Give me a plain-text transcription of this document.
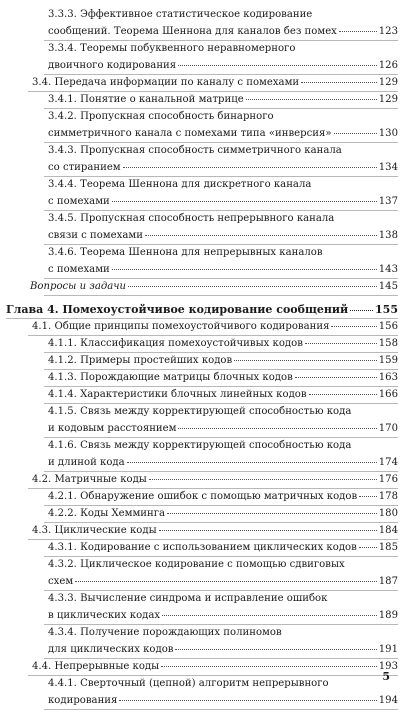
3.3.3. Эффективное статистическое кодирование
сообщений. Теорема Шеннона для каналов без помех	123
3.3.4. Теоремы побуквенного неравномерного
двоичного кодирования	126
3.4. Передача информации по каналу с помехами	129
3.4.1. Понятие о канальной матрице	129
3.4.2. Пропускная способность бинарного
симметричного канала с помехами типа «инверсия»	130
3.4.3. Пропускная способность симметричного канала
со стиранием	134
3.4.4. Теорема Шеннона для дискретного канала
с помехами	137
3.4.5. Пропускная способность непрерывного канала
связи с помехами	138
3.4.6. Теорема Шеннона для непрерывных каналов
с помехами	143
Вопросы и задачи	145
Глава 4. Помехоустойчивое кодирование сообщений 155
4.1. Общие принципы помехоустойчивого кодирования	156
4.1.1. Классификация помехоустойчивых кодов	158
4.1.2. Примеры простейших кодов	159
4.1.3. Порождающие матрицы блочных кодов	163
4.1.4. Характеристики блочных линейных кодов	166
4.1.5. Связь между корректирующей способностью кода
и кодовым расстоянием	170
4.1.6. Связь между корректирующей способностью кода
и длиной кода	174
4.2. Матричные коды	176
4.2.1. Обнаружение ошибок с помощью матричных кодов 178
4.2.2. Коды Хемминга	180
4.3. Циклические коды	184
4.3.1. Кодирование с использованием циклических кодов 185
4.3.2. Циклическое кодирование с помощью сдвиговых
схем	187
4.3.3. Вычисление синдрома и исправление ошибок
в циклических кодах	189
4.3.4. Получение порождающих полиномов
для циклических кодов	191
4.4. Непрерывные коды	193
4.4.1. Сверточный (цепной) алгоритм непрерывного
кодирования	194
5
